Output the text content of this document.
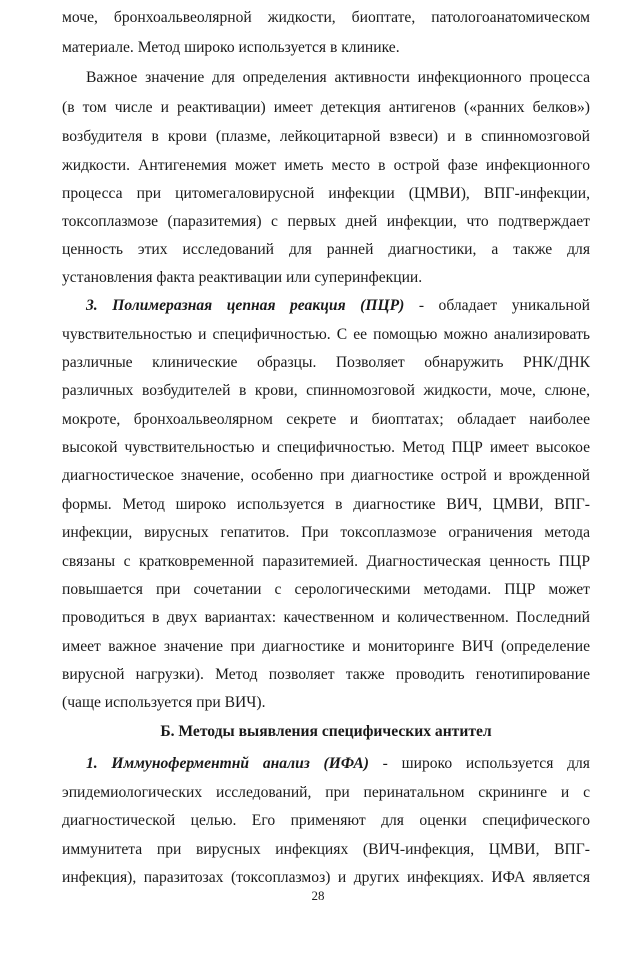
моче, бронхоальвеолярной жидкости, биоптате, патологоанатомическом
материале. Метод широко используется в клинике.
Важное значение для определения активности инфекционного процесса
(в том числе и реактивации) имеет детекция антигенов («ранних белков»)
возбудителя в крови (плазме, лейкоцитарной взвеси) и в спинномозговой
жидкости. Антигенемия может иметь место в острой фазе инфекционного
процесса при цитомегаловирусной инфекции (ЦМВИ), ВПГ-инфекции,
токсоплазмозе (паразитемия) с первых дней инфекции, что подтверждает
ценность этих исследований для ранней диагностики, а также для
установления факта реактивации или суперинфекции.
3. Полимеразная цепная реакция (ПЦР) - обладает уникальной
чувствительностью и специфичностью. С ее помощью можно анализировать
различные клинические образцы. Позволяет обнаружить РНК/ДНК
различных возбудителей в крови, спинномозговой жидкости, моче, слюне,
мокроте, бронхоальвеолярном секрете и биоптатах; обладает наиболее
высокой чувствительностью и специфичностью. Метод ПЦР имеет высокое
диагностическое значение, особенно при диагностике острой и врожденной
формы. Метод широко используется в диагностике ВИЧ, ЦМВИ, ВПГ-
инфекции, вирусных гепатитов. При токсоплазмозе ограничения метода
связаны с кратковременной паразитемией. Диагностическая ценность ПЦР
повышается при сочетании с серологическими методами. ПЦР может
проводиться в двух вариантах: качественном и количественном. Последний
имеет важное значение при диагностике и мониторинге ВИЧ (определение
вирусной нагрузки). Метод позволяет также проводить генотипирование
(чаще используется при ВИЧ).
Б. Методы выявления специфических антител
1. Иммуноферментнй анализ (ИФА) - широко используется для
эпидемиологических исследований, при перинатальном скрининге и с
диагностической целью. Его применяют для оценки специфического
иммунитета при вирусных инфекциях (ВИЧ-инфекция, ЦМВИ, ВПГ-
инфекция), паразитозах (токсоплазмоз) и других инфекциях. ИФА является
28
